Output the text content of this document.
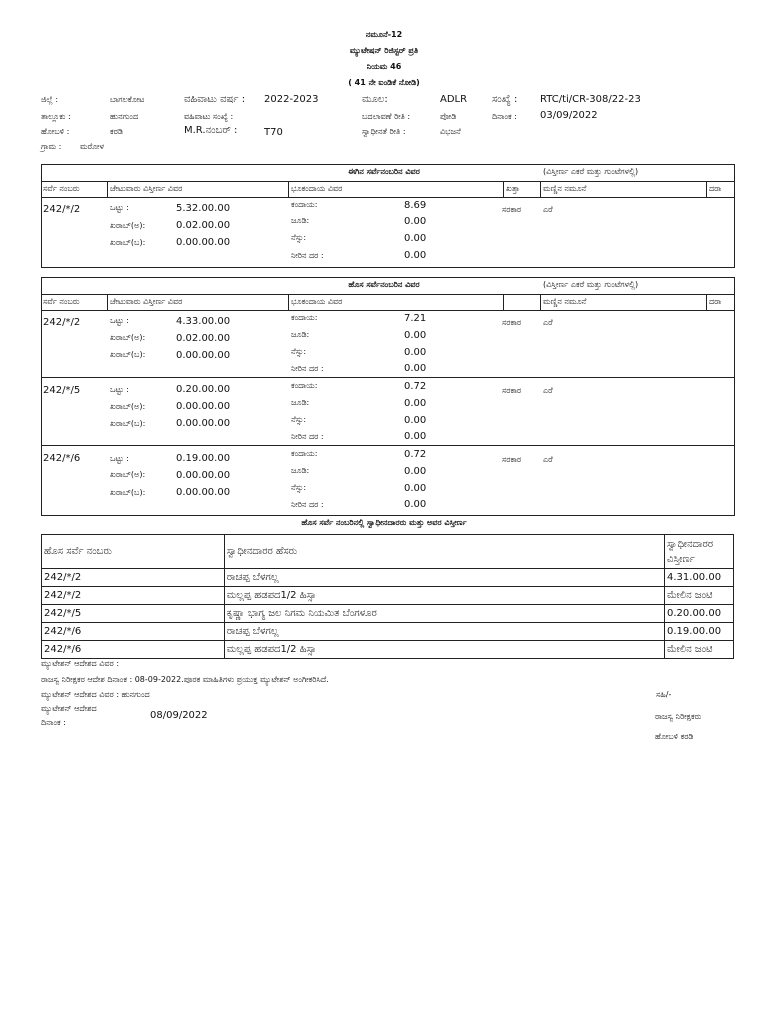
ನಮೂನೆ-12
ಮ್ಯುಟೇಷನ್ ರಿಜಿಸ್ಟರ್ ಪ್ರತಿ
ನಿಯಮ 46
( 41 ನೇ ಐಂಡಿಕೆ ನೋಡಿ)
ಜಿಲ್ಲೆ :	ಬಾಗಲಕೋಟ	ವಹಿವಾಟು ವರ್ಷ : 2022-2023	ಮೂಲ:	ADLR ಸಂಖ್ಯೆ : RTC/ti/CR-308/22-23
ತಾಲ್ಲೂಕು :	ಹುನಗುಂದ	ವಹಿವಾಟು ಸಂಖ್ಯೆ :	ಬದಲಾವಣೆ ರೀತಿ :	ಪೋಡಿ	ದಿನಾಂಕ : 03/09/2022
ಹೋಬಳಿ :	ಕರಡಿ	M.R.ನಂಬರ್ :	T70	ಸ್ವಾಧೀನತೆ ರೀತಿ :	ವಿಭಜನೆ
ಗ್ರಾಮ : ಮರೋಳ
ಈಗಿನ ಸರ್ವೆನಂಬರಿನ ವಿವರ	(ವಿಸ್ತೀರ್ಣ ಎಕರೆ ಮತ್ತು ಗುಂಟೆಗಳಲ್ಲಿ)
ಸರ್ವೆ ನಂಬರು	ಜೇಟುವಾರು ವಿಸ್ತೀರ್ಣ ವಿವರ	ಭೂಕಂದಾಯ ವಿವರ	ಖತ್ತಾ	ಮಣ್ಣಿನ ನಮೂನೆ	ದರಾ
242/*/2	ಒಟ್ಟು :	5.32.00.00
ಖರಾಬ್(ಅ):	0.02.00.00
ಖರಾಬ್(ಬ):	0.00.00.00
ಕಂದಾಯ:	8.69
ಜೂಡಿ:	0.00
ನೆಸ್ಸು:	0.00
ನೀರಿನ ದರ :	0.00
ಸರಕಾರ	ಎರೆ
ಹೊಸ ಸರ್ವೆನಂಬರಿನ ವಿವರ	(ವಿಸ್ತೀರ್ಣ ಎಕರೆ ಮತ್ತು ಗುಂಟೆಗಳಲ್ಲಿ)
ಸರ್ವೆ ನಂಬರು	ಜೇಟುವಾರು ವಿಸ್ತೀರ್ಣ ವಿವರ	ಭೂಕಂದಾಯ ವಿವರ	ಮಣ್ಣಿನ ನಮೂನೆ	ದರಾ
242/*/2	ಒಟ್ಟು :	4.33.00.00
ಖರಾಬ್(ಅ):	0.02.00.00
ಖರಾಬ್(ಬ):	0.00.00.00
ಕಂದಾಯ:	7.21
ಜೂಡಿ:	0.00
ನೆಸ್ಸು:	0.00
ನೀರಿನ ದರ :	0.00
ಸರಕಾರ	ಎರೆ
242/*/5	ಒಟ್ಟು :	0.20.00.00
ಖರಾಬ್(ಅ):	0.00.00.00
ಖರಾಬ್(ಬ):	0.00.00.00
ಕಂದಾಯ:	0.72
ಜೂಡಿ:	0.00
ನೆಸ್ಸು:	0.00
ನೀರಿನ ದರ :	0.00
ಸರಕಾರ	ಎರೆ
242/*/6	ಒಟ್ಟು :	0.19.00.00
ಖರಾಬ್(ಅ):	0.00.00.00
ಖರಾಬ್(ಬ):	0.00.00.00
ಕಂದಾಯ:	0.72
ಜೂಡಿ:	0.00
ನೆಸ್ಸು:	0.00
ನೀರಿನ ದರ :	0.00
ಸರಕಾರ	ಎರೆ
ಹೊಸ ಸರ್ವೆ ನಂಬರಿನಲ್ಲಿ ಸ್ವಾಧೀನದಾರರು ಮತ್ತು ಅವರ ವಿಸ್ತೀರ್ಣ
ಹೊಸ ಸರ್ವೆ ನಂಬರು	ಸ್ವಾಧೀನದಾರರ ಹೆಸರು	ಸ್ವಾಧೀನದಾರರ
ವಿಸ್ತೀರ್ಣ

242/*/2	ರಾಚಪ್ಪ ಬೆಳಗಲ್ಲ	4.31.00.00
242/*/2	ಮಲ್ಲಪ್ಪ ಹಡಪದ1/2 ಹಿಸ್ಸಾ	ಮೇಲಿನ ಜಂಟಿ
242/*/5	ಕೃಷ್ಣಾ ಭಾಗ್ಯ ಜಲ ನಿಗಮ ನಿಯಮಿತ ಬೆಂಗಳೂರ	0.20.00.00
242/*/6	ರಾಚಪ್ಪ ಬೆಳಗಲ್ಲ	0.19.00.00
242/*/6	ಮಲ್ಲಪ್ಪ ಹಡಪದ1/2 ಹಿಸ್ಸಾ	ಮೇಲಿನ ಜಂಟಿ
ಮ್ಯುಟೇಶನ್ ಆದೇಶದ ವಿವರ :
ರಾಜಸ್ವ ನಿರೀಕ್ಷಕರ ಆದೇಶ ದಿನಾಂಕ : 08-09-2022.ಪೂರಕ ಮಾಹಿತಿಗಳು ಪ್ರಯುಕ್ತ ಮ್ಯುಟೇಶನ್ ಅಂಗೀಕರಿಸಿದೆ.
ಮ್ಯುಟೇಶನ್ ಆದೇಶದ ವಿವರ : ಹುನಗುಂದ
ಮ್ಯುಟೇಶನ್ ಆದೇಶದ
ದಿನಾಂಕ :
08/09/2022
ಸಹಿ/-
ರಾಜಸ್ವ ನಿರೀಕ್ಷಕರು
ಹೋಬಳಿ ಕರಡಿ
